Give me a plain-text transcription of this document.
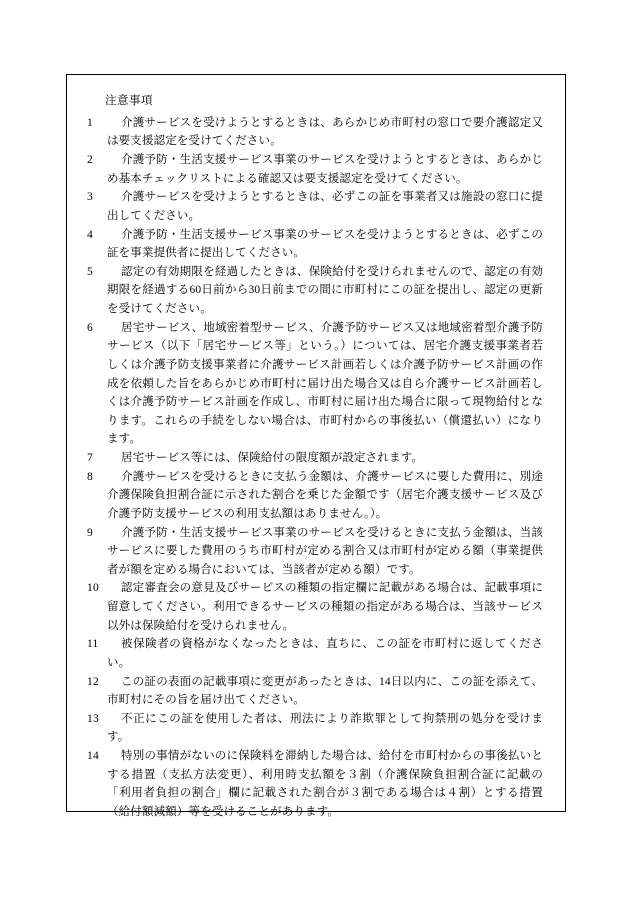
注意事項
1	介護サービスを受けようとするときは、あらかじめ市町村の窓口で要介護認定又は要支援認定を受けてください。
2	介護予防・生活支援サービス事業のサービスを受けようとするときは、あらかじめ基本チェックリストによる確認又は要支援認定を受けてください。
3	介護サービスを受けようとするときは、必ずこの証を事業者又は施設の窓口に提出してください。
4	介護予防・生活支援サービス事業のサービスを受けようとするときは、必ずこの証を事業提供者に提出してください。
5	認定の有効期限を経過したときは、保険給付を受けられませんので、認定の有効期限を経過する60日前から30日前までの間に市町村にこの証を提出し、認定の更新を受けてください。
6	居宅サービス、地域密着型サービス、介護予防サービス又は地域密着型介護予防サービス（以下「居宅サービス等」という。）については、居宅介護支援事業者若しくは介護予防支援事業者に介護サービス計画若しくは介護予防サービス計画の作成を依頼した旨をあらかじめ市町村に届け出た場合又は自ら介護サービス計画若しくは介護予防サービス計画を作成し、市町村に届け出た場合に限って現物給付となります。これらの手続をしない場合は、市町村からの事後払い（償還払い）になります。
7	居宅サービス等には、保険給付の限度額が設定されます。
8	介護サービスを受けるときに支払う金額は、介護サービスに要した費用に、別途介護保険負担割合証に示された割合を乗じた金額です（居宅介護支援サービス及び介護予防支援サービスの利用支払額はありません。）。
9	介護予防・生活支援サービス事業のサービスを受けるときに支払う金額は、当該サービスに要した費用のうち市町村が定める割合又は市町村が定める額（事業提供者が額を定める場合においては、当該者が定める額）です。
10	認定審査会の意見及びサービスの種類の指定欄に記載がある場合は、記載事項に留意してください。利用できるサービスの種類の指定がある場合は、当該サービス以外は保険給付を受けられません。
11	被保険者の資格がなくなったときは、直ちに、この証を市町村に返してください。
12	この証の表面の記載事項に変更があったときは、14日以内に、この証を添えて、市町村にその旨を届け出てください。
13	不正にこの証を使用した者は、刑法により詐欺罪として拘禁刑の処分を受けます。
14	特別の事情がないのに保険料を滞納した場合は、給付を市町村からの事後払いとする措置（支払方法変更）、利用時支払額を３割（介護保険負担割合証に記載の「利用者負担の割合」欄に記載された割合が３割である場合は４割）とする措置（給付額減額）等を受けることがあります。
